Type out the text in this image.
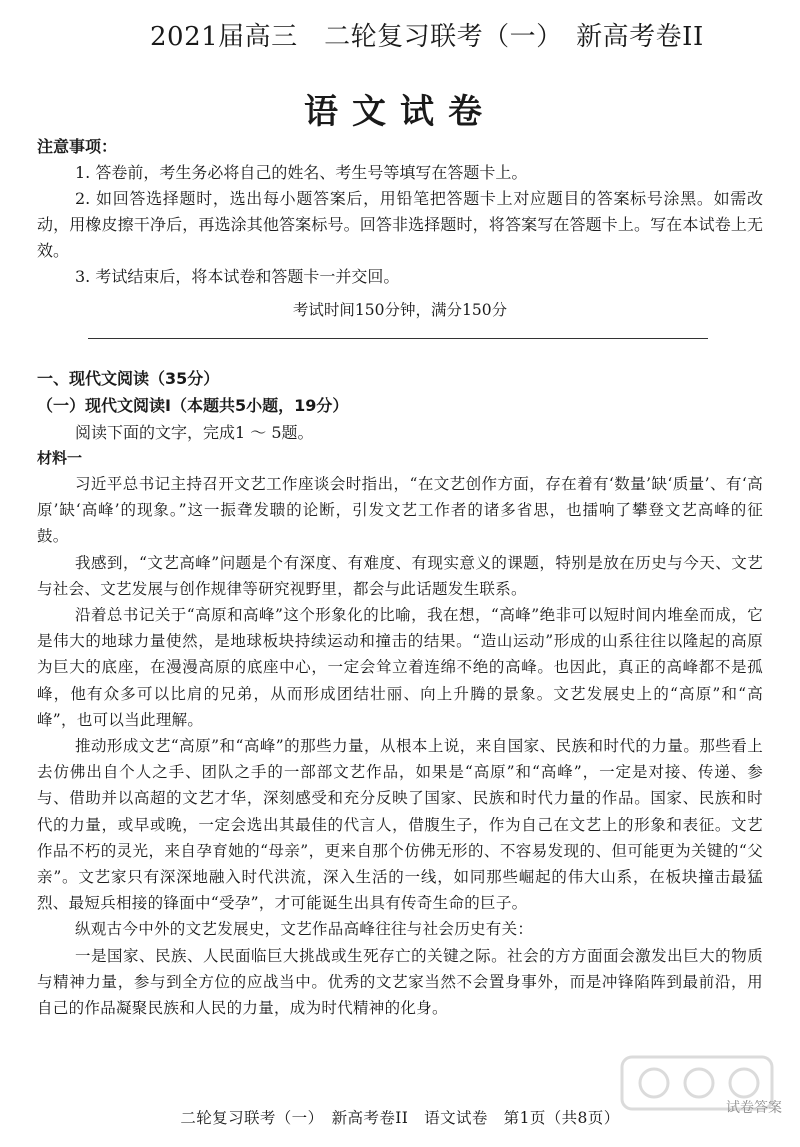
2021届高三　二轮复习联考（一）　新高考卷II
语文试卷
注意事项：
1. 答卷前，考生务必将自己的姓名、考生号等填写在答题卡上。
2. 如回答选择题时，选出每小题答案后，用铅笔把答题卡上对应题目的答案标号涂黑。如需改动，用橡皮擦干净后，再选涂其他答案标号。回答非选择题时，将答案写在答题卡上。写在本试卷上无效。
3. 考试结束后，将本试卷和答题卡一并交回。
考试时间150分钟，满分150分
一、现代文阅读（35分）
（一）现代文阅读I（本题共5小题，19分）
阅读下面的文字，完成1 ～ 5题。
材料一

习近平总书记主持召开文艺工作座谈会时指出，“在文艺创作方面，存在着有‘数量’缺‘质量’、有‘高原’缺‘高峰’的现象。”这一振聋发聩的论断，引发文艺工作者的诸多省思，也擂响了攀登文艺高峰的征鼓。

我感到，“文艺高峰”问题是个有深度、有难度、有现实意义的课题，特别是放在历史与今天、文艺与社会、文艺发展与创作规律等研究视野里，都会与此话题发生联系。

沿着总书记关于“高原和高峰”这个形象化的比喻，我在想，“高峰”绝非可以短时间内堆垒而成，它是伟大的地球力量使然，是地球板块持续运动和撞击的结果。“造山运动”形成的山系往往以隆起的高原为巨大的底座，在漫漫高原的底座中心，一定会耸立着连绵不绝的高峰。也因此，真正的高峰都不是孤峰，他有众多可以比肩的兄弟，从而形成团结壮丽、向上升腾的景象。文艺发展史上的“高原”和“高峰”，也可以当此理解。

推动形成文艺“高原”和“高峰”的那些力量，从根本上说，来自国家、民族和时代的力量。那些看上去仿佛出自个人之手、团队之手的一部部文艺作品，如果是“高原”和“高峰”，一定是对接、传递、参与、借助并以高超的文艺才华，深刻感受和充分反映了国家、民族和时代力量的作品。国家、民族和时代的力量，或早或晚，一定会选出其最佳的代言人，借腹生子，作为自己在文艺上的形象和表征。文艺作品不朽的灵光，来自孕育她的“母亲”，更来自那个仿佛无形的、不容易发现的、但可能更为关键的“父亲”。文艺家只有深深地融入时代洪流，深入生活的一线，如同那些崛起的伟大山系，在板块撞击最猛烈、最短兵相接的锋面中“受孕”，才可能诞生出具有传奇生命的巨子。

纵观古今中外的文艺发展史，文艺作品高峰往往与社会历史有关：

一是国家、民族、人民面临巨大挑战或生死存亡的关键之际。社会的方方面面会激发出巨大的物质与精神力量，参与到全方位的应战当中。优秀的文艺家当然不会置身事外，而是冲锋陷阵到最前沿，用自己的作品凝聚民族和人民的力量，成为时代精神的化身。

二轮复习联考（一）　新高考卷II　语文试卷　第1页（共8页）
试卷答案
